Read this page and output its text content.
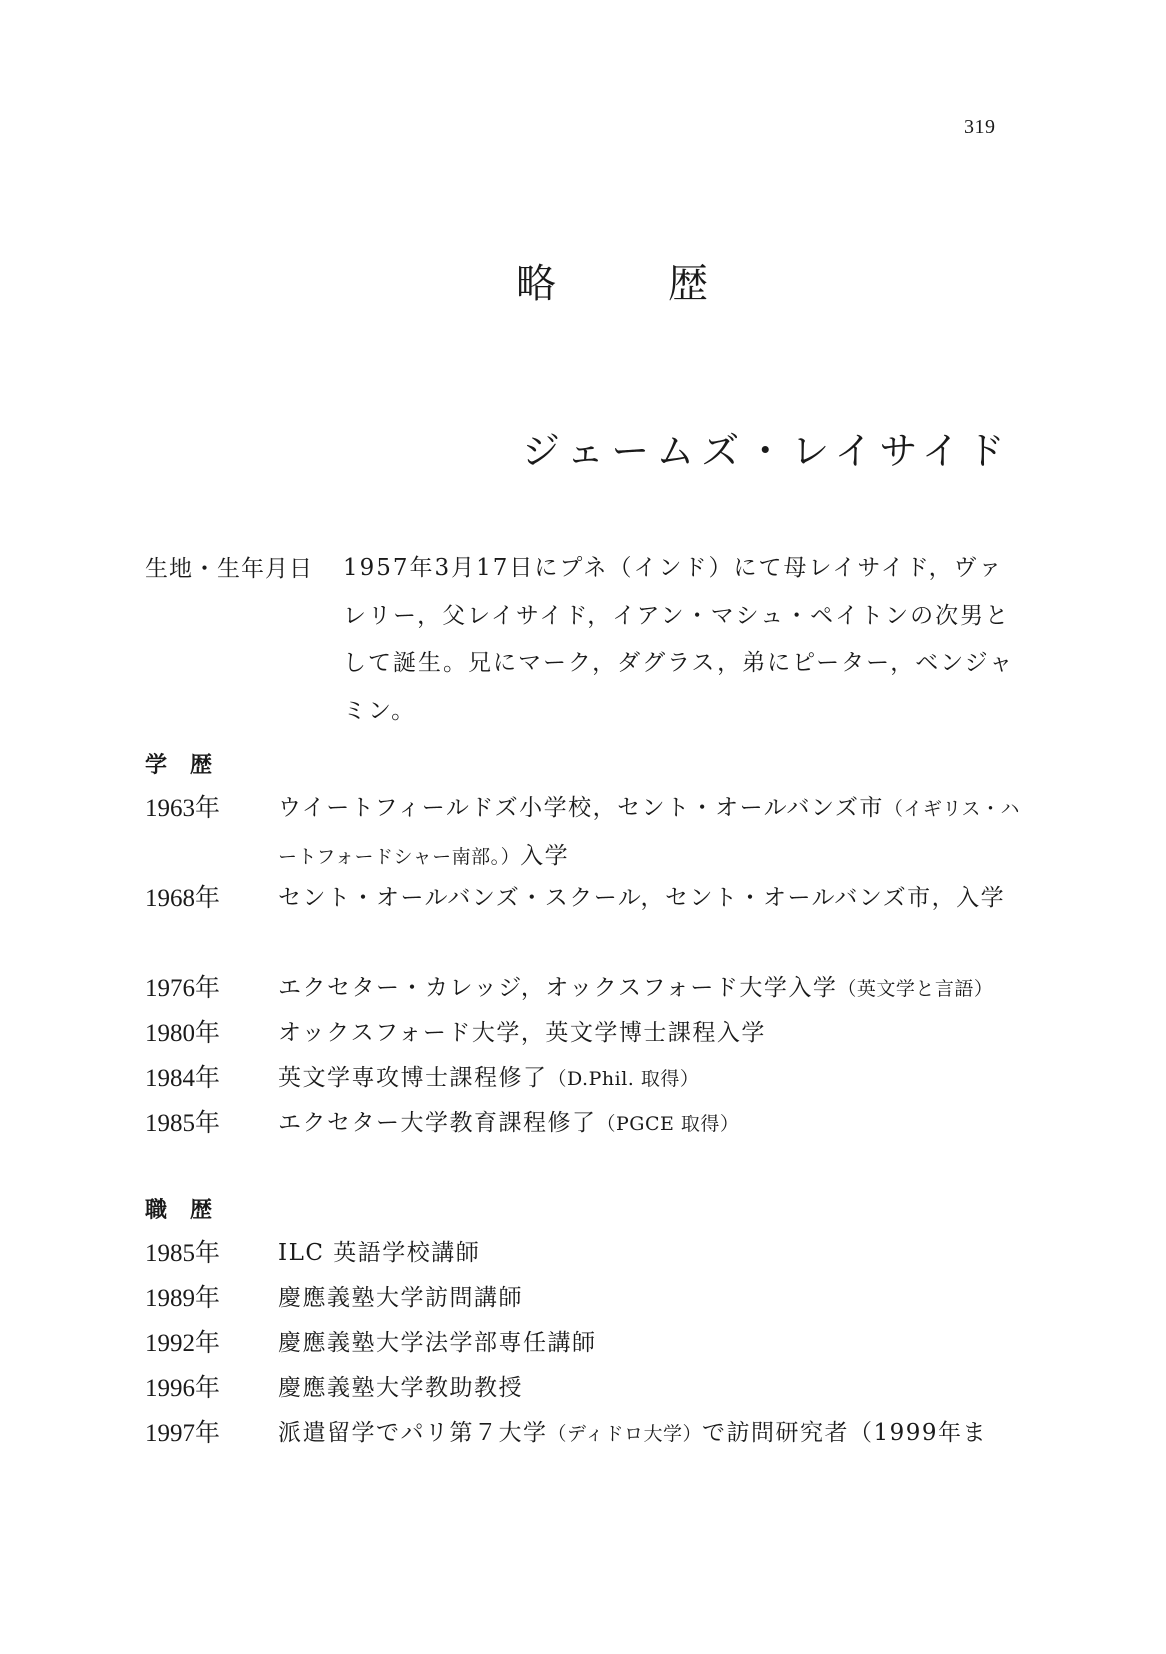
319
略　歴
ジェームズ・レイサイド
生地・生年月日 1957年3月17日にプネ（インド）にて母レイサイド，ヴァレリー，父レイサイド，イアン・マシュ・ペイトンの次男として誕生。兄にマーク，ダグラス，弟にピーター，ベンジャミン。
学歴
1963年	ウイートフィールドズ小学校，セント・オールバンズ市（イギリス・ハートフォードシャー南部。）入学
1968年	セント・オールバンズ・スクール，セント・オールバンズ市，入学
1976年	エクセター・カレッジ，オックスフォード大学入学（英文学と言語）
1980年	オックスフォード大学，英文学博士課程入学
1984年	英文学専攻博士課程修了（D.Phil. 取得）
1985年	エクセター大学教育課程修了（PGCE 取得）
職歴
1985年	ILC 英語学校講師
1989年	慶應義塾大学訪問講師
1992年	慶應義塾大学法学部専任講師
1996年	慶應義塾大学教助教授
1997年	派遣留学でパリ第７大学（ディドロ大学）で訪問研究者（1999年ま
